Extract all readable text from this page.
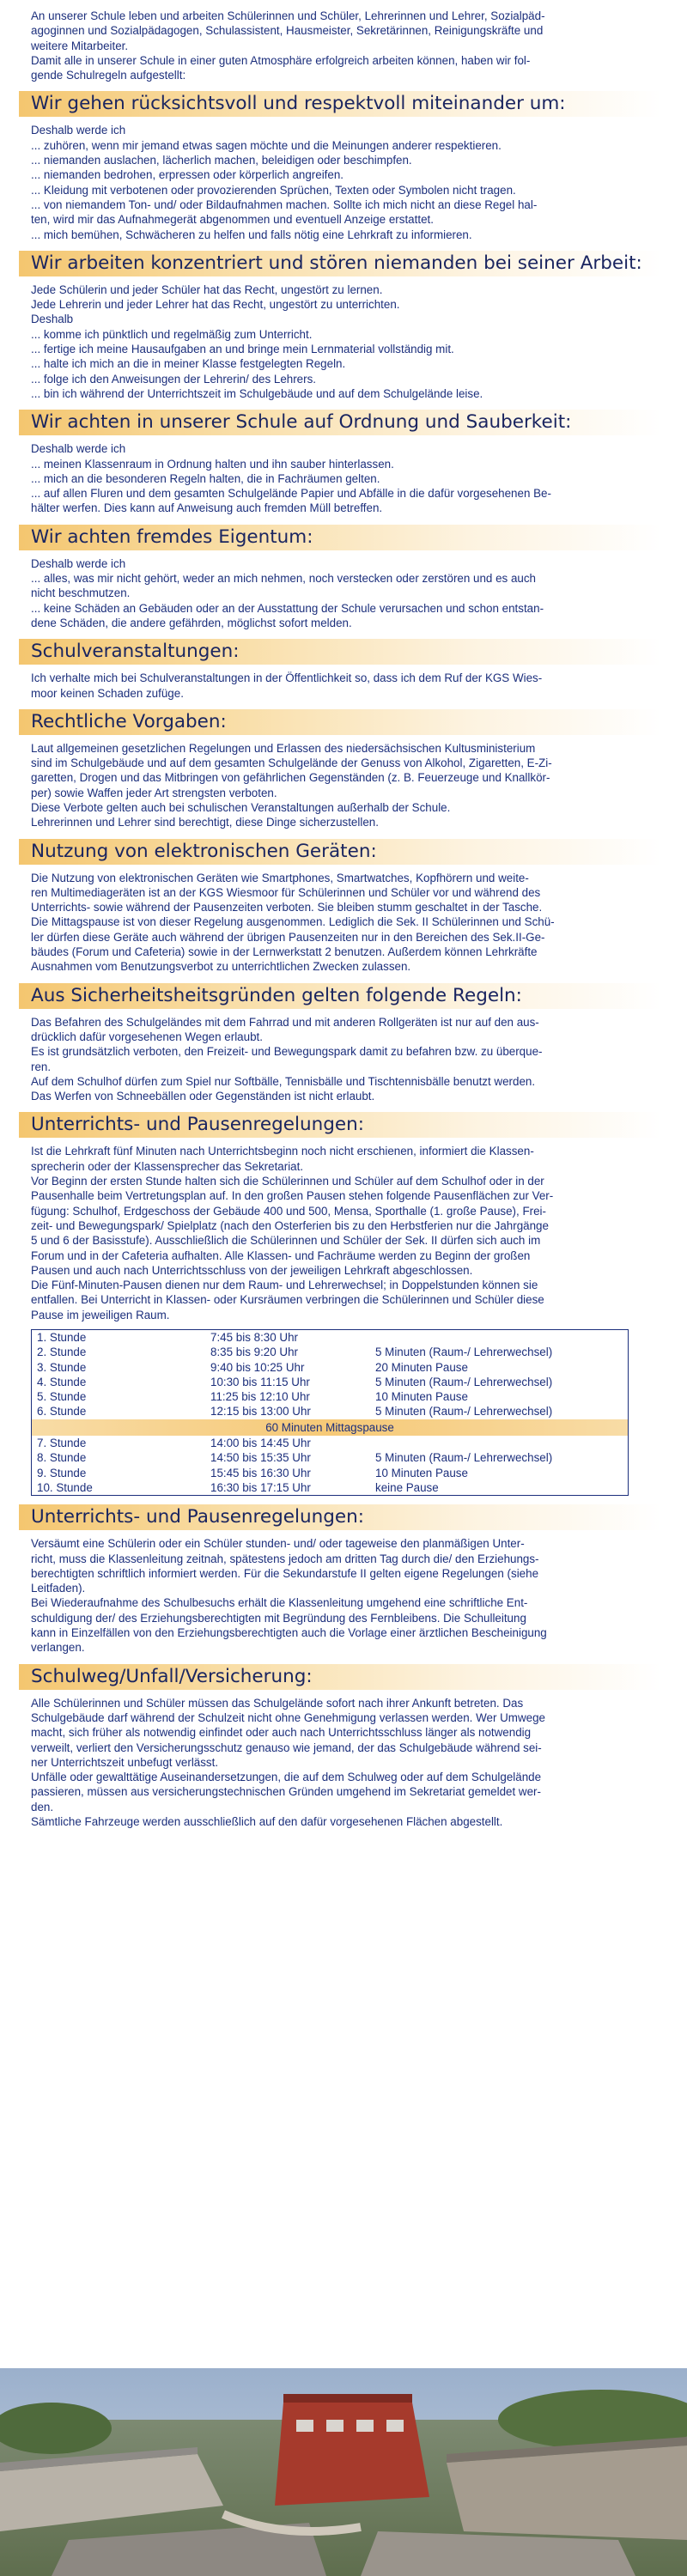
An unserer Schule leben und arbeiten Schülerinnen und Schüler, Lehrerinnen und Lehrer, Sozialpäd-

agoginnen und Sozialpädagogen, Schulassistent, Hausmeister, Sekretärinnen, Reinigungskräfte und

weitere Mitarbeiter.

Damit alle in unserer Schule in einer guten Atmosphäre erfolgreich arbeiten können, haben wir fol-

gende Schulregeln aufgestellt:

Wir gehen rücksichtsvoll und respektvoll miteinander um:

Deshalb werde ich

... zuhören, wenn mir jemand etwas sagen möchte und die Meinungen anderer respektieren.

... niemanden auslachen, lächerlich machen, beleidigen oder beschimpfen.

... niemanden bedrohen, erpressen oder körperlich angreifen.

... Kleidung mit verbotenen oder provozierenden Sprüchen, Texten oder Symbolen nicht tragen.

... von niemandem Ton- und/ oder Bildaufnahmen machen. Sollte ich mich nicht an diese Regel hal-

ten, wird mir das Aufnahmegerät abgenommen und eventuell Anzeige erstattet.

... mich bemühen, Schwächeren zu helfen und falls nötig eine Lehrkraft zu informieren.

Wir arbeiten konzentriert und stören niemanden bei seiner Arbeit:

Jede Schülerin und jeder Schüler hat das Recht, ungestört zu lernen.

Jede Lehrerin und jeder Lehrer hat das Recht, ungestört zu unterrichten.

Deshalb

... komme ich pünktlich und regelmäßig zum Unterricht.

... fertige ich meine Hausaufgaben an und bringe mein Lernmaterial vollständig mit.

... halte ich mich an die in meiner Klasse festgelegten Regeln.

... folge ich den Anweisungen der Lehrerin/ des Lehrers.

... bin ich während der Unterrichtszeit im Schulgebäude und auf dem Schulgelände leise.

Wir achten in unserer Schule auf Ordnung und Sauberkeit:

Deshalb werde ich

... meinen Klassenraum in Ordnung halten und ihn sauber hinterlassen.

... mich an die besonderen Regeln halten, die in Fachräumen gelten.

... auf allen Fluren und dem gesamten Schulgelände Papier und Abfälle in die dafür vorgesehenen Be-

hälter werfen. Dies kann auf Anweisung auch fremden Müll betreffen.

Wir achten fremdes Eigentum:

Deshalb werde ich

... alles, was mir nicht gehört, weder an mich nehmen, noch verstecken oder zerstören und es auch

nicht beschmutzen.

... keine Schäden an Gebäuden oder an der Ausstattung der Schule verursachen und schon entstan-

dene Schäden, die andere gefährden, möglichst sofort melden.

Schulveranstaltungen:

Ich verhalte mich bei Schulveranstaltungen in der Öffentlichkeit so, dass ich dem Ruf der KGS Wies-

moor keinen Schaden zufüge.

Rechtliche Vorgaben:

Laut allgemeinen gesetzlichen Regelungen und Erlassen des niedersächsischen Kultusministerium

sind im Schulgebäude und auf dem gesamten Schulgelände der Genuss von Alkohol, Zigaretten, E-Zi-

garetten, Drogen und das Mitbringen von gefährlichen Gegenständen (z. B. Feuerzeuge und Knallkör-

per) sowie Waffen jeder Art strengsten verboten.

Diese Verbote gelten auch bei schulischen Veranstaltungen außerhalb der Schule.

Lehrerinnen und Lehrer sind berechtigt, diese Dinge sicherzustellen.

Nutzung von elektronischen Geräten:

Die Nutzung von elektronischen Geräten wie Smartphones, Smartwatches, Kopfhörern und weite-

ren Multimediageräten ist an der KGS Wiesmoor für Schülerinnen und Schüler vor und während des

Unterrichts- sowie während der Pausenzeiten verboten. Sie bleiben stumm geschaltet in der Tasche.

Die Mittagspause ist von dieser Regelung ausgenommen. Lediglich die Sek. II Schülerinnen und Schü-

ler dürfen diese Geräte auch während der übrigen Pausenzeiten nur in den Bereichen des Sek.II-Ge-

bäudes (Forum und Cafeteria) sowie in der Lernwerkstatt 2 benutzen. Außerdem können Lehrkräfte

Ausnahmen vom Benutzungsverbot zu unterrichtlichen Zwecken zulassen.

Aus Sicherheitsheitsgründen gelten folgende Regeln:

Das Befahren des Schulgeländes mit dem Fahrrad und mit anderen Rollgeräten ist nur auf den aus-

drücklich dafür vorgesehenen Wegen erlaubt.

Es ist grundsätzlich verboten, den Freizeit- und Bewegungspark damit zu befahren bzw. zu überque-

ren.

Auf dem Schulhof dürfen zum Spiel nur Softbälle, Tennisbälle und Tischtennisbälle benutzt werden.

Das Werfen von Schneebällen oder Gegenständen ist nicht erlaubt.

Unterrichts- und Pausenregelungen:

Ist die Lehrkraft fünf Minuten nach Unterrichtsbeginn noch nicht erschienen, informiert die Klassen-

sprecherin oder der Klassensprecher das Sekretariat.

Vor Beginn der ersten Stunde halten sich die Schülerinnen und Schüler auf dem Schulhof oder in der

Pausenhalle beim Vertretungsplan auf. In den großen Pausen stehen folgende Pausenflächen zur Ver-

fügung: Schulhof, Erdgeschoss der Gebäude 400 und 500, Mensa, Sporthalle (1. große Pause), Frei-

zeit- und Bewegungspark/ Spielplatz (nach den Osterferien bis zu den Herbstferien nur die Jahrgänge

5 und 6 der Basisstufe). Ausschließlich die Schülerinnen und Schüler der Sek. II dürfen sich auch im

Forum und in der Cafeteria aufhalten. Alle Klassen- und Fachräume werden zu Beginn der großen

Pausen und auch nach Unterrichtsschluss von der jeweiligen Lehrkraft abgeschlossen.

Die Fünf-Minuten-Pausen dienen nur dem Raum- und Lehrerwechsel; in Doppelstunden können sie

entfallen. Bei Unterricht in Klassen- oder Kursräumen verbringen die Schülerinnen und Schüler diese

Pause im jeweiligen Raum.

1. Stunde	7:45 bis 8:30 Uhr	
2. Stunde	8:35 bis 9:20 Uhr	5 Minuten (Raum-/ Lehrerwechsel)
3. Stunde	9:40 bis 10:25 Uhr	20 Minuten Pause
4. Stunde	10:30 bis 11:15 Uhr	5 Minuten (Raum-/ Lehrerwechsel)
5. Stunde	11:25 bis 12:10 Uhr	10 Minuten Pause
6. Stunde	12:15 bis 13:00 Uhr	5 Minuten (Raum-/ Lehrerwechsel)
60 Minuten Mittagspause		
7. Stunde	14:00 bis 14:45 Uhr	
8. Stunde	14:50 bis 15:35 Uhr	5 Minuten (Raum-/ Lehrerwechsel)
9. Stunde	15:45 bis 16:30 Uhr	10 Minuten Pause
10. Stunde	16:30 bis 17:15 Uhr	keine Pause
Unterrichts- und Pausenregelungen:

Versäumt eine Schülerin oder ein Schüler stunden- und/ oder tageweise den planmäßigen Unter-

richt, muss die Klassenleitung zeitnah, spätestens jedoch am dritten Tag durch die/ den Erziehungs-

berechtigten schriftlich informiert werden. Für die Sekundarstufe II gelten eigene Regelungen (siehe

Leitfaden).

Bei Wiederaufnahme des Schulbesuchs erhält die Klassenleitung umgehend eine schriftliche Ent-

schuldigung der/ des Erziehungsberechtigten mit Begründung des Fernbleibens. Die Schulleitung

kann in Einzelfällen von den Erziehungsberechtigten auch die Vorlage einer ärztlichen Bescheinigung

verlangen.

Schulweg/Unfall/Versicherung:

Alle Schülerinnen und Schüler müssen das Schulgelände sofort nach ihrer Ankunft betreten. Das

Schulgebäude darf während der Schulzeit nicht ohne Genehmigung verlassen werden. Wer Umwege

macht, sich früher als notwendig einfindet oder auch nach Unterrichtsschluss länger als notwendig

verweilt, verliert den Versicherungsschutz genauso wie jemand, der das Schulgebäude während sei-

ner Unterrichtszeit unbefugt verlässt.

Unfälle oder gewalttätige Auseinandersetzungen, die auf dem Schulweg oder auf dem Schulgelände

passieren, müssen aus versicherungstechnischen Gründen umgehend im Sekretariat gemeldet wer-

den.

Sämtliche Fahrzeuge werden ausschließlich auf den dafür vorgesehenen Flächen abgestellt.
